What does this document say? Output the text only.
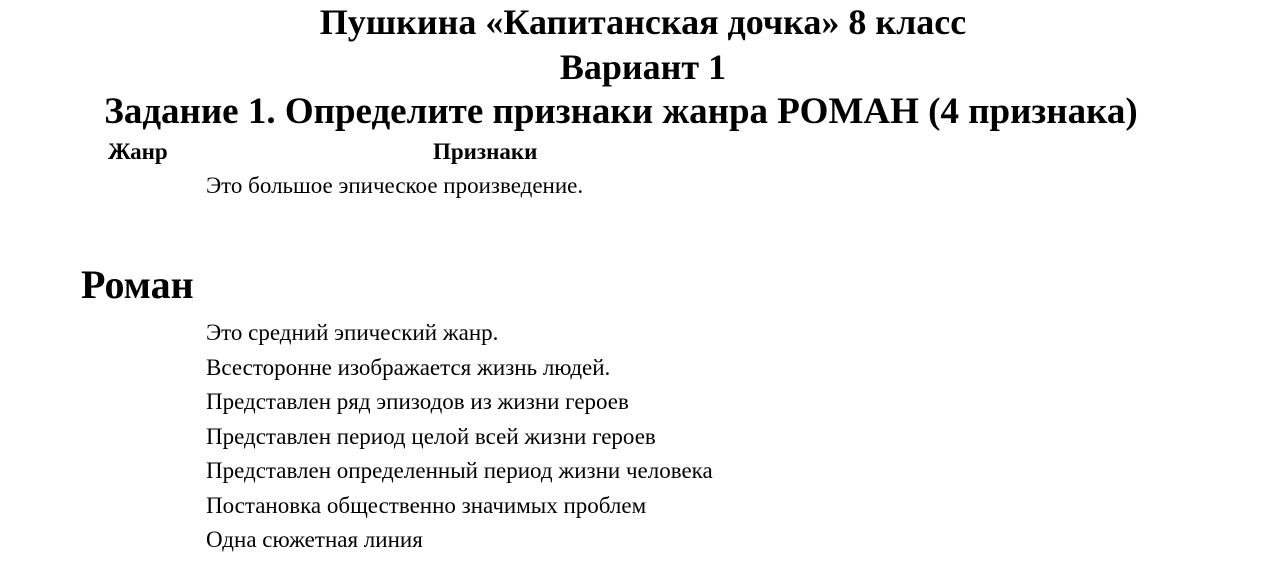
Пушкина «Капитанская дочка» 8 класс
Вариант 1
Задание 1. Определите признаки жанра РОМАН (4 признака)
Жанр	Признаки
Роман
Это большое эпическое произведение.
Это средний эпический жанр.
Всесторонне изображается жизнь людей.
Представлен ряд эпизодов из жизни героев
Представлен период целой всей жизни героев
Представлен определенный период жизни человека
Постановка общественно значимых проблем
Одна сюжетная линия
